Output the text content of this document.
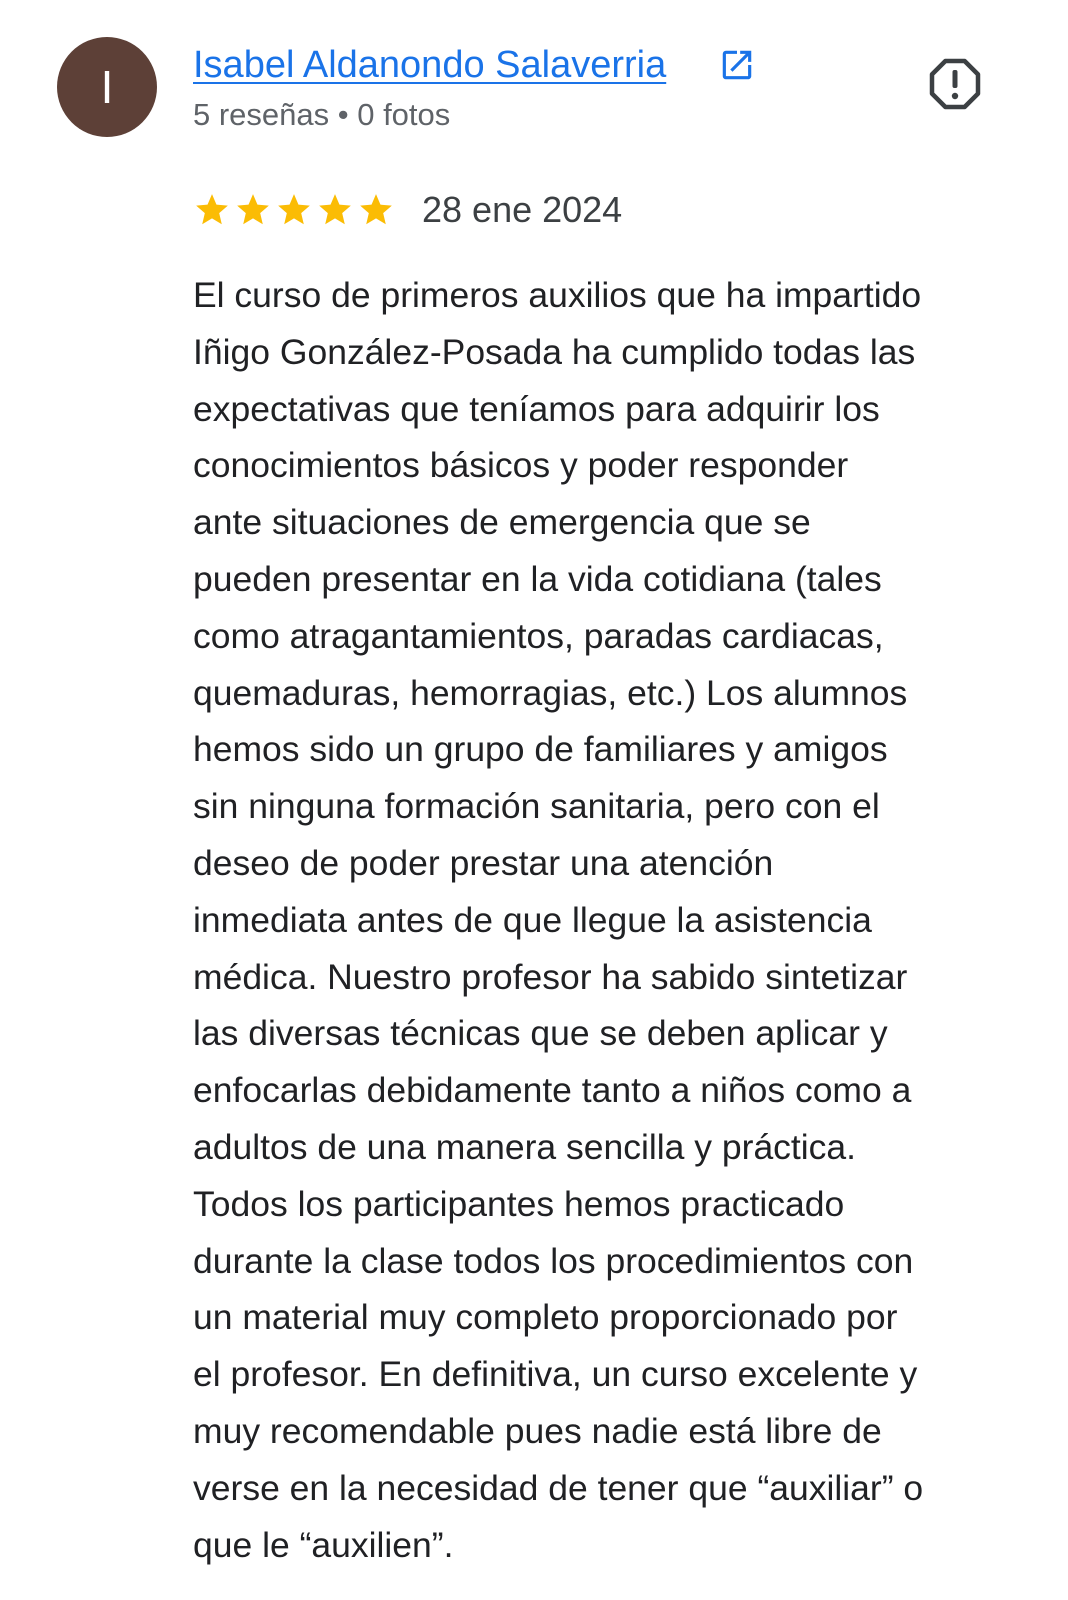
I	Isabel Aldanondo Salaverria
5 reseñas • 0 fotos
28 ene 2024

El curso de primeros auxilios que ha impartido
Iñigo González-Posada ha cumplido todas las
expectativas que teníamos para adquirir los
conocimientos básicos y poder responder
ante situaciones de emergencia que se
pueden presentar en la vida cotidiana (tales
como atragantamientos, paradas cardiacas,
quemaduras, hemorragias, etc.) Los alumnos
hemos sido un grupo de familiares y amigos
sin ninguna formación sanitaria, pero con el
deseo de poder prestar una atención
inmediata antes de que llegue la asistencia
médica. Nuestro profesor ha sabido sintetizar
las diversas técnicas que se deben aplicar y
enfocarlas debidamente tanto a niños como a
adultos de una manera sencilla y práctica.
Todos los participantes hemos practicado
durante la clase todos los procedimientos con
un material muy completo proporcionado por
el profesor. En definitiva, un curso excelente y
muy recomendable pues nadie está libre de
verse en la necesidad de tener que “auxiliar” o
que le “auxilien”.
